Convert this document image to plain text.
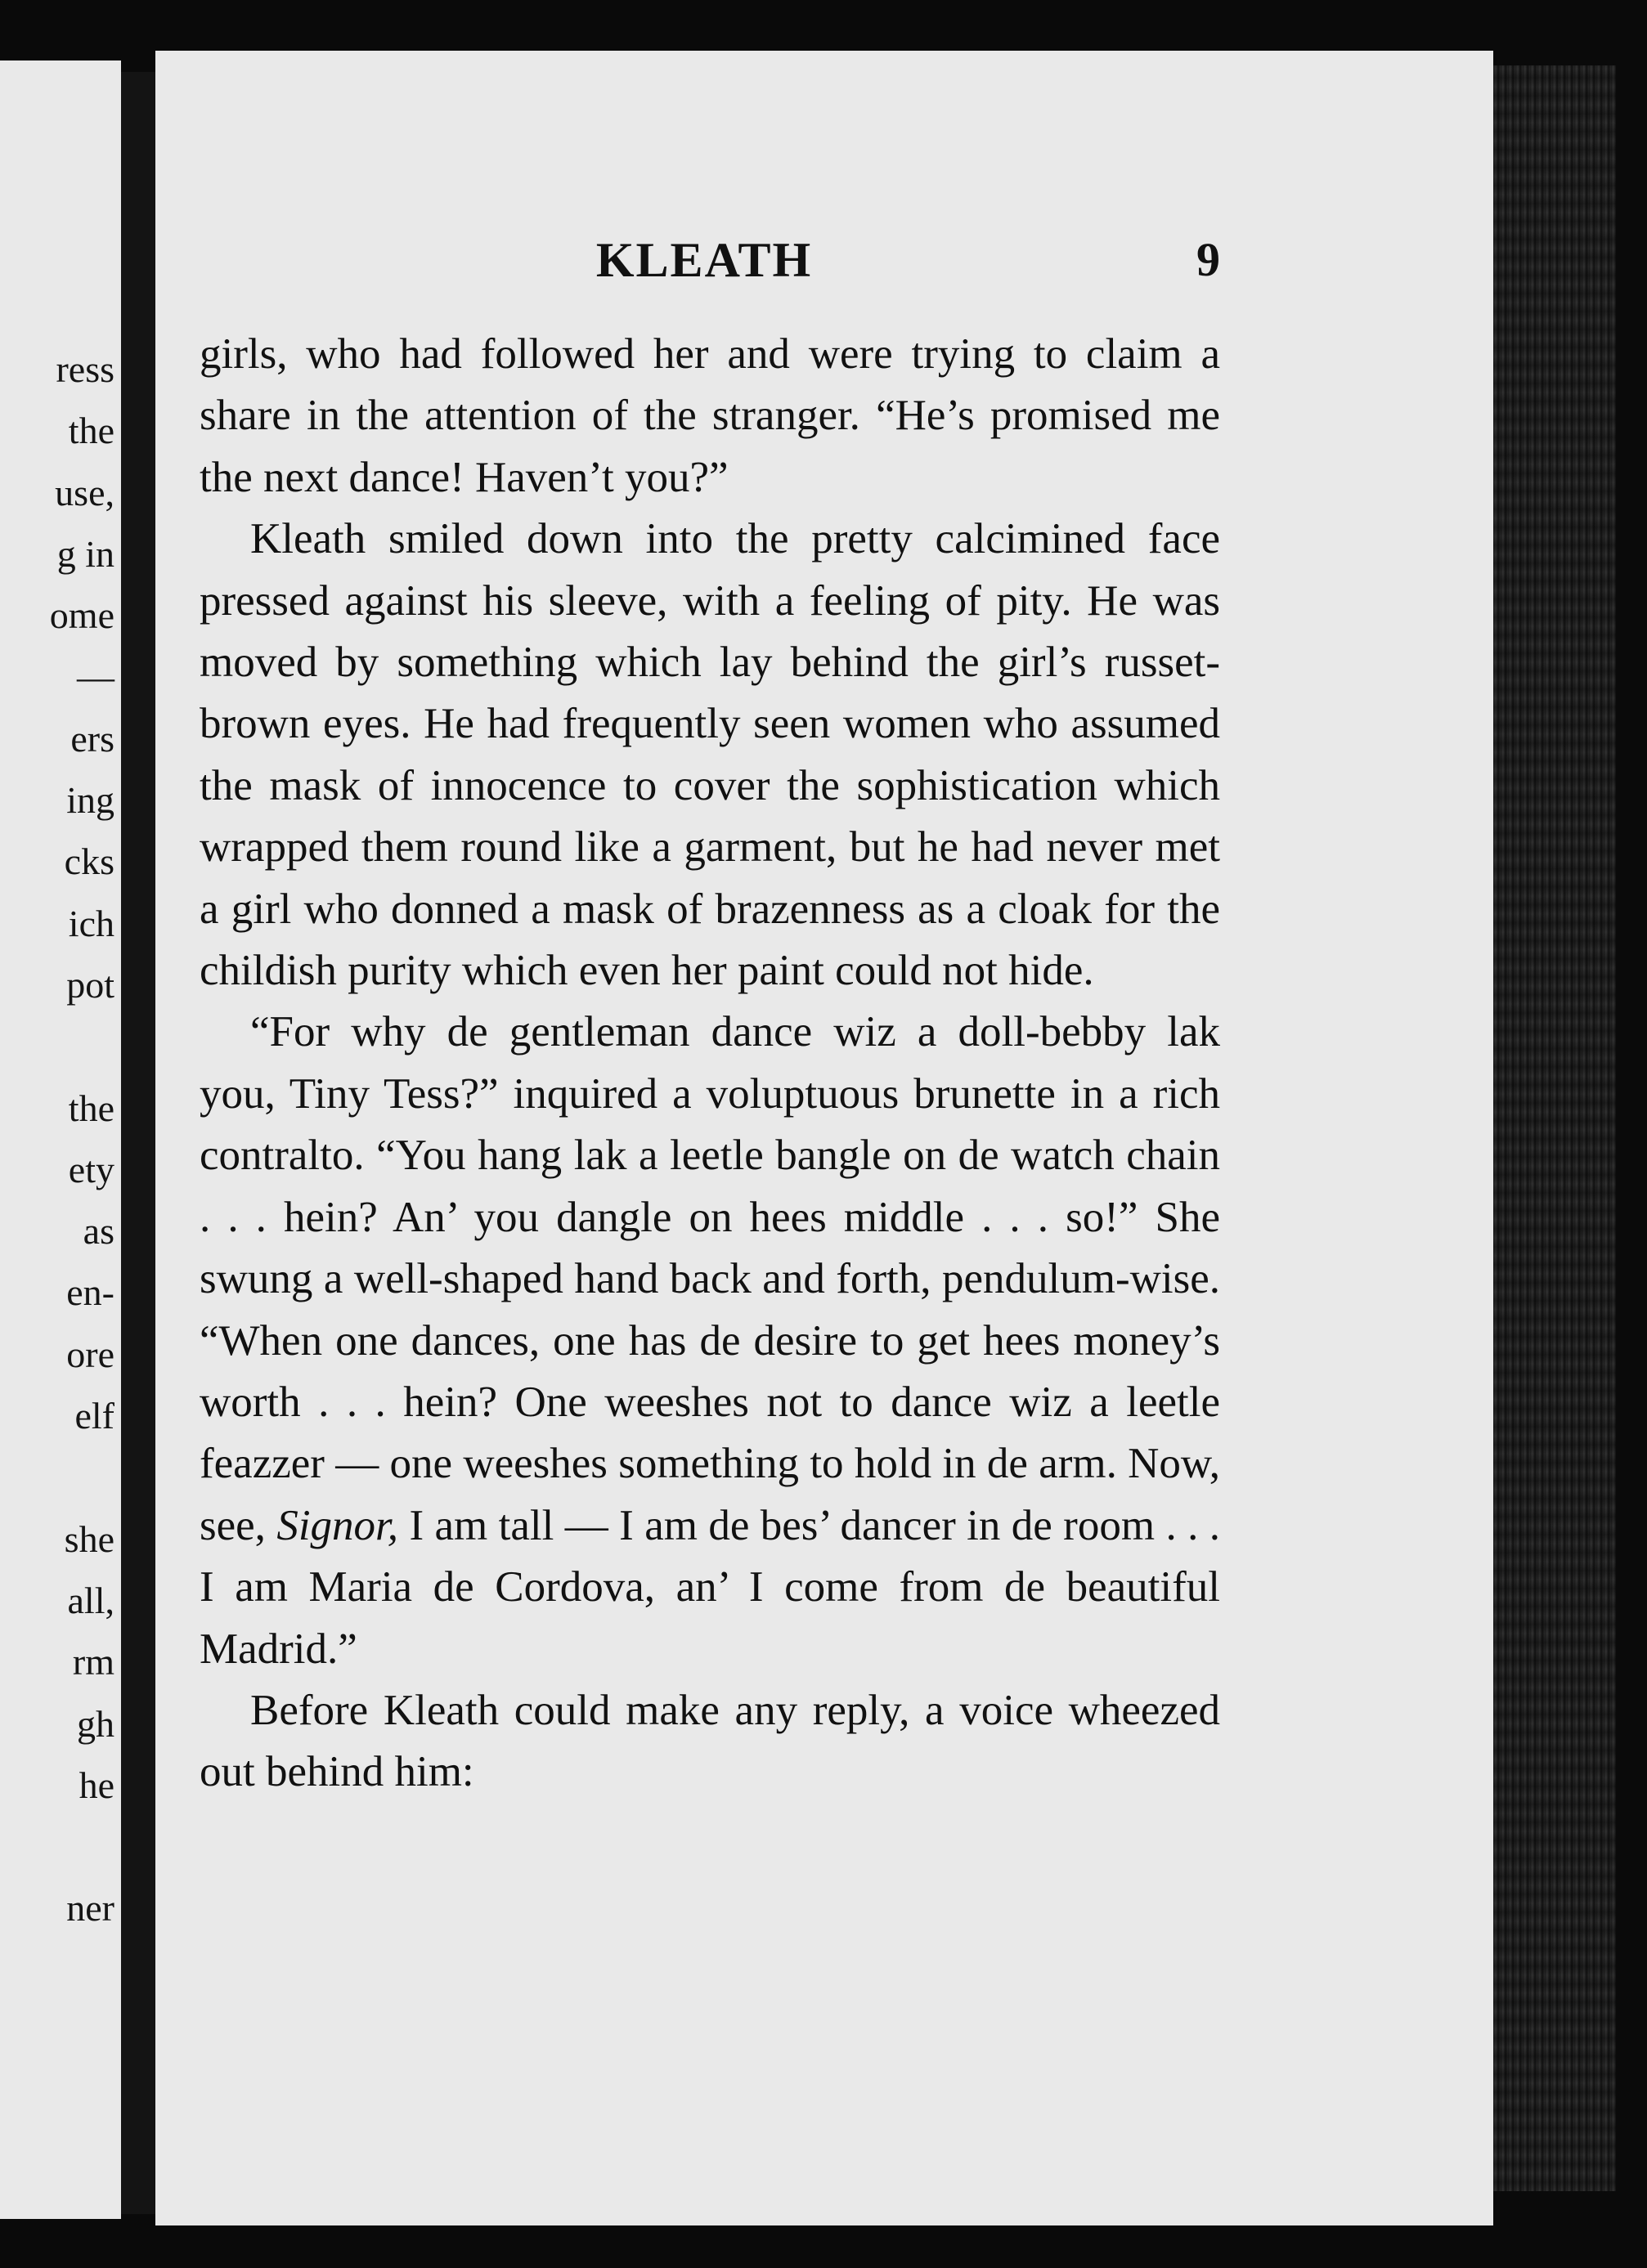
ress
the
use,
g in
ome
—
ers
ing
cks
ich
pot
the
ety
as
en-
ore
elf
she
all,
rm
gh
he
ner
KLEATH	9

girls, who had followed her and were trying to claim a share in the attention of the stranger. “He’s promised me the next dance! Haven’t you?”

Kleath smiled down into the pretty calcimined face pressed against his sleeve, with a feeling of pity. He was moved by something which lay behind the girl’s russet-brown eyes. He had frequently seen women who assumed the mask of innocence to cover the sophistication which wrapped them round like a garment, but he had never met a girl who donned a mask of brazenness as a cloak for the childish purity which even her paint could not hide.

“For why de gentleman dance wiz a doll-bebby lak you, Tiny Tess?” inquired a voluptuous brunette in a rich contralto. “You hang lak a leetle bangle on de watch chain . . . hein? An’ you dangle on hees middle . . . so!” She swung a well-shaped hand back and forth, pendulum-wise. “When one dances, one has de desire to get hees money’s worth . . . hein? One weeshes not to dance wiz a leetle feazzer — one weeshes something to hold in de arm. Now, see, Signor, I am tall — I am de bes’ dancer in de room . . . I am Maria de Cordova, an’ I come from de beautiful Madrid.”

Before Kleath could make any reply, a voice wheezed out behind him:
